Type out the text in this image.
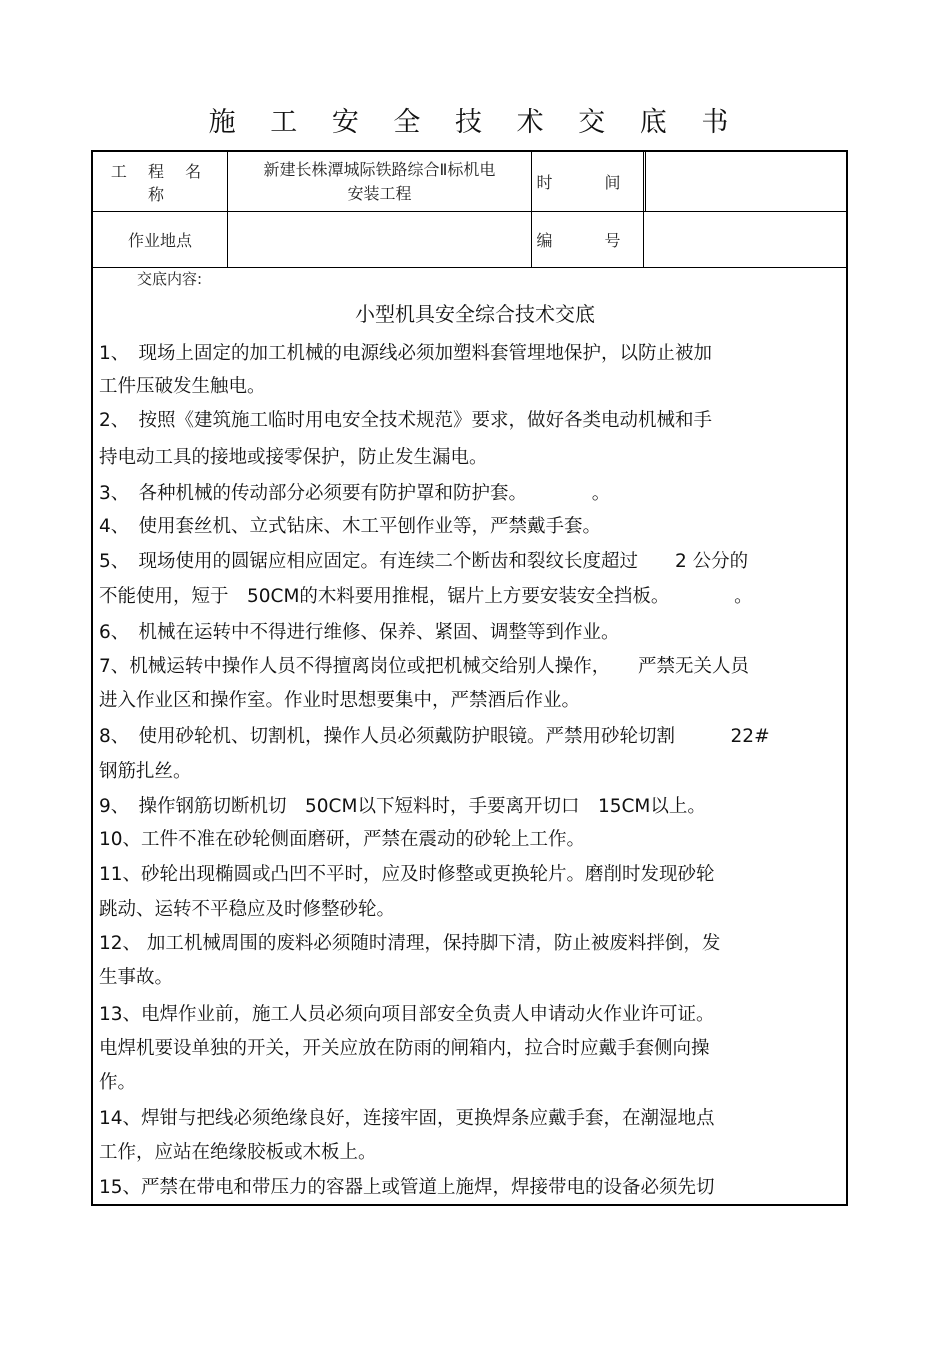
施 工 安 全 技 术 交 底 书
工 程 名 称
新建长株潭城际铁路综合Ⅱ标机电
安装工程
时　间
作业地点	编　号
交底内容:
小型机具安全综合技术交底
1、　现场上固定的加工机械的电源线必须加塑料套管埋地保护，以防止被加
工件压破发生触电。
2、　按照《建筑施工临时用电安全技术规范》要求，做好各类电动机械和手
持电动工具的接地或接零保护，防止发生漏电。
3、　各种机械的传动部分必须要有防护罩和防护套。　　　　。
4、　使用套丝机、立式钻床、木工平刨作业等，严禁戴手套。
5、　现场使用的圆锯应相应固定。有连续二个断齿和裂纹长度超过　　2 公分的
不能使用，短于　50CM的木料要用推棍，锯片上方要安装安全挡板。　　　　。
6、　机械在运转中不得进行维修、保养、紧固、调整等到作业。
7、机械运转中操作人员不得擅离岗位或把机械交给别人操作，　　严禁无关人员
进入作业区和操作室。作业时思想要集中，严禁酒后作业。
8、　使用砂轮机、切割机，操作人员必须戴防护眼镜。严禁用砂轮切割　　　22#
钢筋扎丝。
9、　操作钢筋切断机切　50CM以下短料时，手要离开切口　15CM以上。
10、工件不准在砂轮侧面磨研，严禁在震动的砂轮上工作。
11、砂轮出现椭圆或凸凹不平时，应及时修整或更换轮片。磨削时发现砂轮
跳动、运转不平稳应及时修整砂轮。
12、 加工机械周围的废料必须随时清理，保持脚下清，防止被废料拌倒，发
生事故。
13、电焊作业前，施工人员必须向项目部安全负责人申请动火作业许可证。
电焊机要设单独的开关，开关应放在防雨的闸箱内，拉合时应戴手套侧向操
作。
14、焊钳与把线必须绝缘良好，连接牢固，更换焊条应戴手套，在潮湿地点
工作，应站在绝缘胶板或木板上。
15、严禁在带电和带压力的容器上或管道上施焊，焊接带电的设备必须先切
